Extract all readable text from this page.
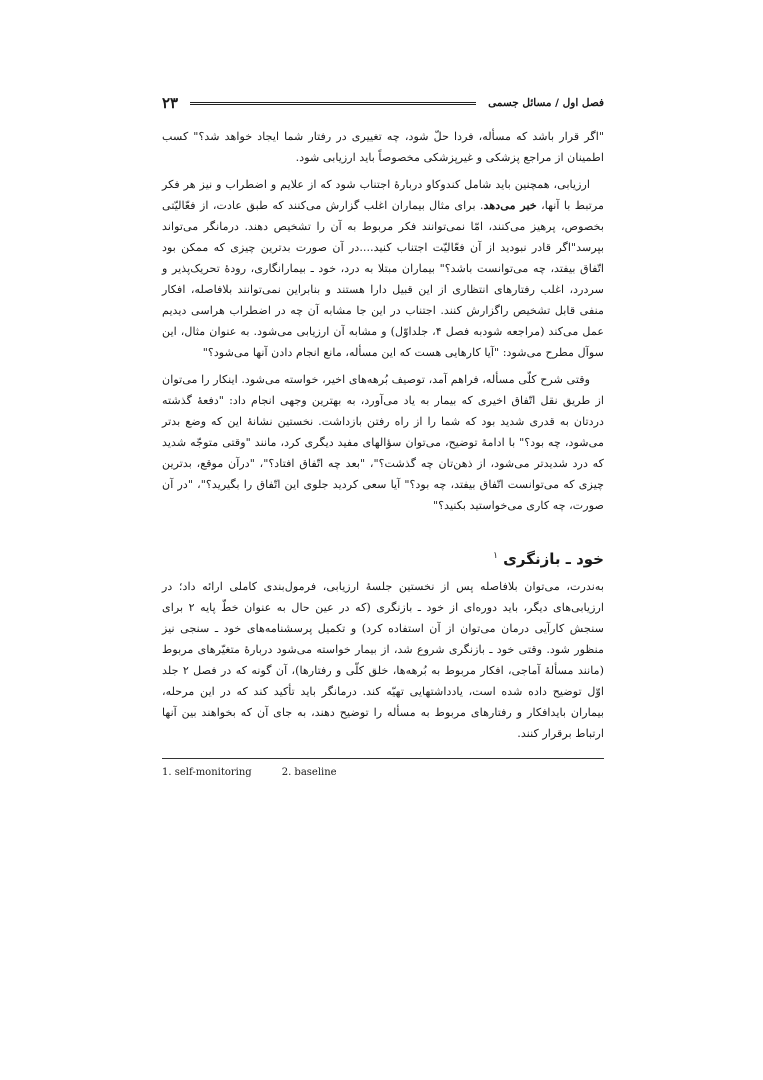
فصل اول / مسائل جسمی
۲۳

"اگر قرار باشد که مسأله، فردا حلّ شود، چه تغییری در رفتار شما ایجاد خواهد شد؟" کسب اطمینان از مراجع پزشکی و غیرپزشکی مخصوصاً باید ارزیابی شود.

ارزیابی، همچنین باید شامل کندوکاو دربارهٔ اجتناب شود که از علایم و اضطراب و نیز هر فکر مرتبط با آنها، خبر می‌دهد. برای مثال بیماران اغلب گزارش می‌کنند که طبق عادت، از فعّالیّتی بخصوص، پرهیز می‌کنند، امّا نمی‌توانند فکر مربوط به آن را تشخیص دهند. درمانگر می‌تواند بپرسد"اگر قادر نبودید از آن فعّالیّت اجتناب کنید....در آن صورت بدترین چیزی که ممکن بود اتّفاق بیفتد، چه می‌توانست باشد؟" بیماران مبتلا به درد، خود ـ بیمارانگاری، رودهٔ تحریک‌پذیر و سردرد، اغلب رفتارهای انتظاری از این قبیل دارا هستند و بنابراین نمی‌توانند بلافاصله، افکار منفی قابل تشخیص راگزارش کنند. اجتناب در این جا مشابه آن چه در اضطراب هراسی دیدیم عمل می‌کند (مراجعه شودبه فصل ۴، جلداوّل) و مشابه آن ارزیابی می‌شود. به عنوان مثال، این سوآل مطرح می‌شود: "آیا کارهایی هست که این مسأله، مانع انجام دادن آنها می‌شود؟"

وقتی شرح کلّی مسأله، فراهم آمد، توصیف بُرهه‌های اخیر، خواسته می‌شود. اینکار را می‌توان از طریق نقل اتّفاق اخیری که بیمار به یاد می‌آورد، به بهترین وجهی انجام داد: "دفعهٔ گذشته دردتان به قدری شدید بود که شما را از راه رفتن بازداشت. نخستین نشانهٔ این که وضع بدتر می‌شود، چه بود؟" با ادامهٔ توضیح، می‌توان سؤالهای مفید دیگری کرد، مانند "وقتی متوجّه شدید که درد شدیدتر می‌شود، از ذهن‌تان چه گذشت؟"، "بعد چه اتّفاق افتاد؟"، "درآن موقع، بدترین چیزی که می‌توانست اتّفاق بیفتد، چه بود؟" آیا سعی کردید جلوی این اتّفاق را بگیرید؟"، "در آن صورت، چه کاری می‌خواستید بکنید؟"

خود ـ بازنگری $^۱$

به‌ندرت، می‌توان بلافاصله پس از نخستین جلسهٔ ارزیابی، فرمول‌بندی کاملی ارائه داد؛ در ارزیابی‌های دیگر، باید دوره‌ای از خود ـ بازنگری (که در عین حال به عنوان خطّ پایه ۲ برای سنجش کارآیی درمان می‌توان از آن استفاده کرد) و تکمیل پرسشنامه‌های خود ـ سنجی نیز منظور شود. وقتی خود ـ بازنگری شروع شد، از بیمار خواسته می‌شود دربارهٔ متغیّرهای مربوط (مانند مسألهٔ آماجی، افکار مربوط به بُرهه‌ها، خلق کلّی و رفتارها)، آن گونه که در فصل ۲ جلد اوّل توضیح داده شده است، یادداشتهایی تهیّه کند. درمانگر باید تأکید کند که در این مرحله، بیماران بایدافکار و رفتارهای مربوط به مسأله را توضیح دهند، به جای آن که بخواهند بین آنها ارتباط برقرار کنند.

1. self-monitoring	2. baseline
